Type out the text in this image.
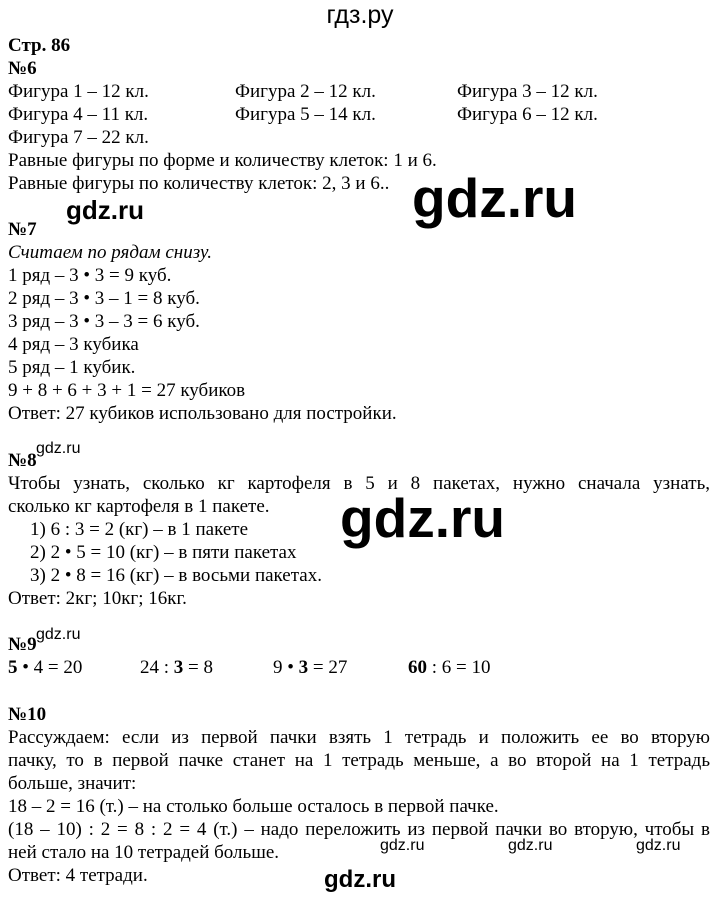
гдз.ру
Стр. 86
№6
Фигура 1 – 12 кл.	Фигура 2 – 12 кл.	Фигура 3 – 12 кл.
Фигура 4 – 11 кл.	Фигура 5 – 14 кл.	Фигура 6 – 12 кл.
Фигура 7 – 22 кл.
Равные фигуры по форме и количеству клеток: 1 и 6.
Равные фигуры по количеству клеток: 2, 3 и 6..
№7
Считаем по рядам снизу.
1 ряд – 3 • 3 = 9 куб.
2 ряд – 3 • 3 – 1 = 8 куб.
3 ряд – 3 • 3 – 3 = 6 куб.
4 ряд – 3 кубика
5 ряд – 1 кубик.
9 + 8 + 6 + 3 + 1 = 27 кубиков
Ответ: 27 кубиков использовано для постройки.
№8
Чтобы узнать, сколько кг картофеля в 5 и 8 пакетах, нужно сначала узнать,
сколько кг картофеля в 1 пакете.
1) 6 : 3 = 2 (кг) – в 1 пакете
2) 2 • 5 = 10 (кг) – в пяти пакетах
3) 2 • 8 = 16 (кг) – в восьми пакетах.
Ответ: 2кг; 10кг; 16кг.
№9
5 • 4 = 20	24 : 3 = 8	9 • 3 = 27	60 : 6 = 10
№10
Рассуждаем: если из первой пачки взять 1 тетрадь и положить ее во вторую
пачку, то в первой пачке станет на 1 тетрадь меньше, а во второй на 1 тетрадь
больше, значит:
18 – 2 = 16 (т.) – на столько больше осталось в первой пачке.
(18 – 10) : 2 = 8 : 2 = 4 (т.) – надо переложить из первой пачки во вторую, чтобы в
ней стало на 10 тетрадей больше.
Ответ: 4 тетради.
gdz.ru
gdz.ru
gdz.ru
gdz.ru
gdz.ru
gdz.ru	gdz.ru	gdz.ru
gdz.ru
